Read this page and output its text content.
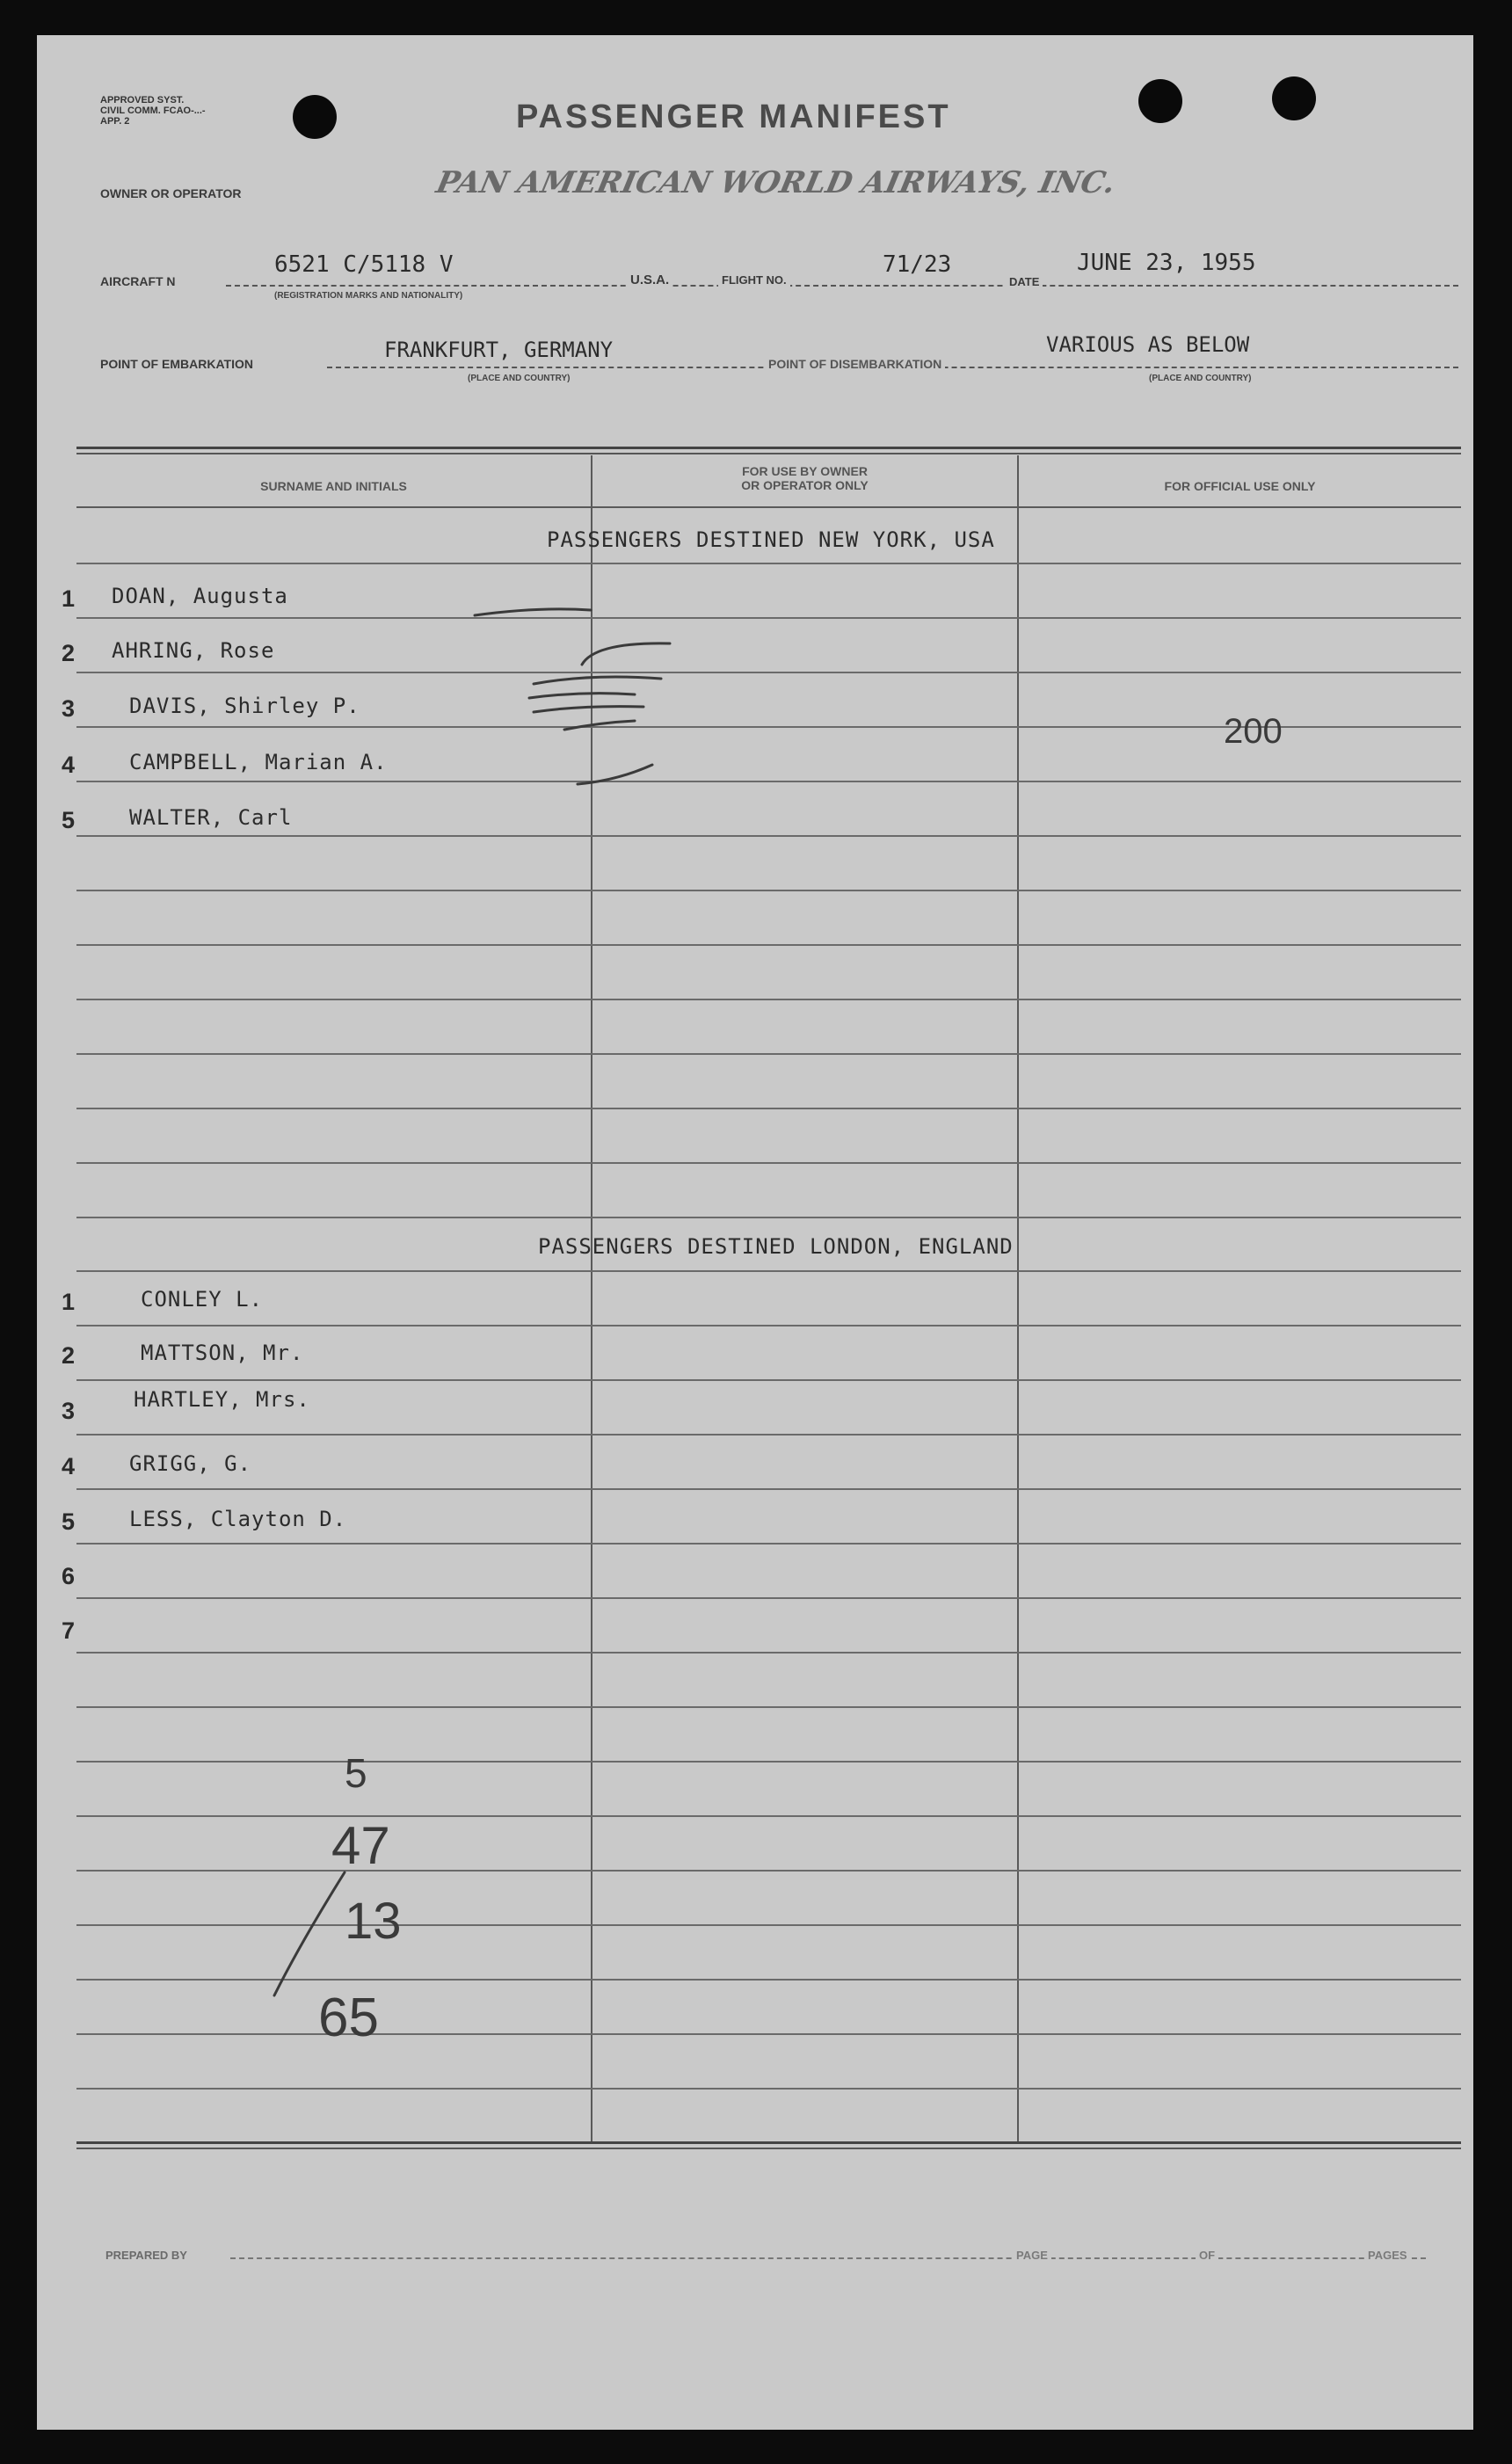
APPROVED SYST. CIVIL COMM. FCAO-...-APP. 2	PASSENGER MANIFEST
OWNER OR OPERATOR	PAN AMERICAN WORLD AIRWAYS, INC.
AIRCRAFT N
6521 C/5118 V
(REGISTRATION MARKS AND NATIONALITY)
U.S.A.	FLIGHT NO.
71/23
DATE
JUNE 23, 1955
POINT OF EMBARKATION
FRANKFURT, GERMANY
(PLACE AND COUNTRY)
POINT OF DISEMBARKATION
VARIOUS AS BELOW
(PLACE AND COUNTRY)
SURNAME AND INITIALS
FOR USE BY OWNER
OR OPERATOR ONLY	FOR OFFICIAL USE ONLY
PASSENGERS DESTINED NEW YORK, USA
1 DOAN, Augusta
2 AHRING, Rose
3	DAVIS, Shirley P.
4	CAMPBELL, Marian A.
5	WALTER, Carl
200
PASSENGERS DESTINED LONDON, ENGLAND
1	CONLEY L.
2	MATTSON, Mr.
3	HARTLEY, Mrs.
4	GRIGG, G.
5	LESS, Clayton D.
6
7
5
47
13
65
PREPARED BY	PAGE	OF	PAGES
